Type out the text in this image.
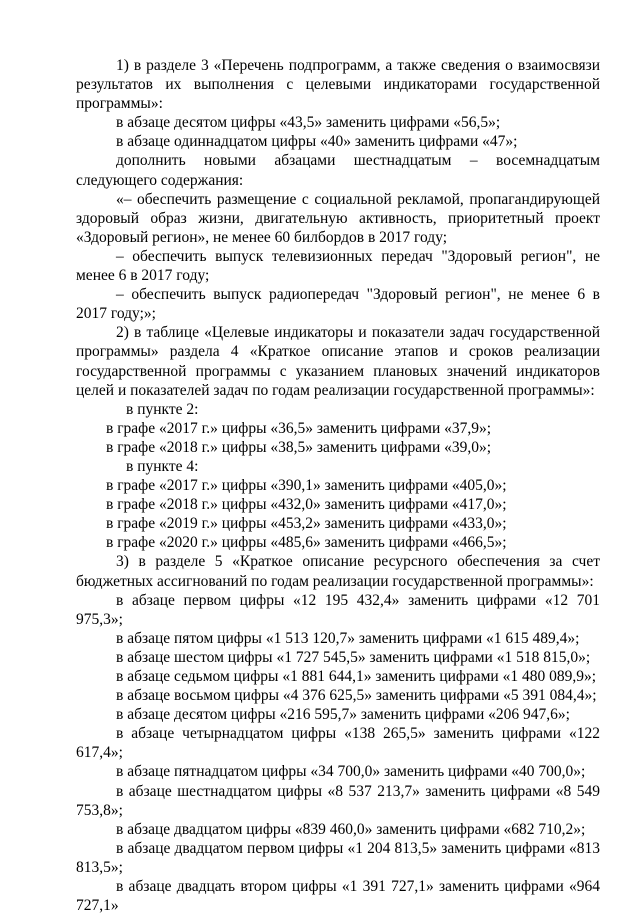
1) в разделе 3 «Перечень подпрограмм, а также сведения о взаимосвязи результатов их выполнения с целевыми индикаторами государственной программы»:

в абзаце десятом цифры «43,5» заменить цифрами «56,5»;

в абзаце одиннадцатом цифры «40» заменить цифрами «47»;

дополнить новыми абзацами шестнадцатым – восемнадцатым следующего содержания:

«– обеспечить размещение с социальной рекламой, пропагандирующей здоровый образ жизни, двигательную активность, приоритетный проект «Здоровый регион», не менее 60 билбордов в 2017 году;

– обеспечить выпуск телевизионных передач "Здоровый регион", не менее 6 в 2017 году;

– обеспечить выпуск радиопередач "Здоровый регион", не менее 6 в 2017 году;»;

2) в таблице «Целевые индикаторы и показатели задач государственной программы» раздела 4 «Краткое описание этапов и сроков реализации государственной программы с указанием плановых значений индикаторов целей и показателей задач по годам реализации государственной программы»:

в пункте 2:

в графе «2017 г.» цифры «36,5» заменить цифрами «37,9»;

в графе «2018 г.» цифры «38,5» заменить цифрами «39,0»;

в пункте 4:

в графе «2017 г.» цифры «390,1» заменить цифрами «405,0»;

в графе «2018 г.» цифры «432,0» заменить цифрами «417,0»;

в графе «2019 г.» цифры «453,2» заменить цифрами «433,0»;

в графе «2020 г.» цифры «485,6» заменить цифрами «466,5»;

3) в разделе 5 «Краткое описание ресурсного обеспечения за счет бюджетных ассигнований по годам реализации государственной программы»:

в абзаце первом цифры «12 195 432,4» заменить цифрами «12 701 975,3»;

в абзаце пятом цифры «1 513 120,7» заменить цифрами «1 615 489,4»;

в абзаце шестом цифры «1 727 545,5» заменить цифрами «1 518 815,0»;

в абзаце седьмом цифры «1 881 644,1» заменить цифрами «1 480 089,9»;

в абзаце восьмом цифры «4 376 625,5» заменить цифрами «5 391 084,4»;

в абзаце десятом цифры «216 595,7» заменить цифрами «206 947,6»;

в абзаце четырнадцатом цифры «138 265,5» заменить цифрами «122 617,4»;

в абзаце пятнадцатом цифры «34 700,0» заменить цифрами «40 700,0»;

в абзаце шестнадцатом цифры «8 537 213,7» заменить цифрами «8 549 753,8»;

в абзаце двадцатом цифры «839 460,0» заменить цифрами «682 710,2»;

в абзаце двадцатом первом цифры «1 204 813,5» заменить цифрами «813 813,5»;

в абзаце двадцать втором цифры «1 391 727,1» заменить цифрами «964 727,1»
